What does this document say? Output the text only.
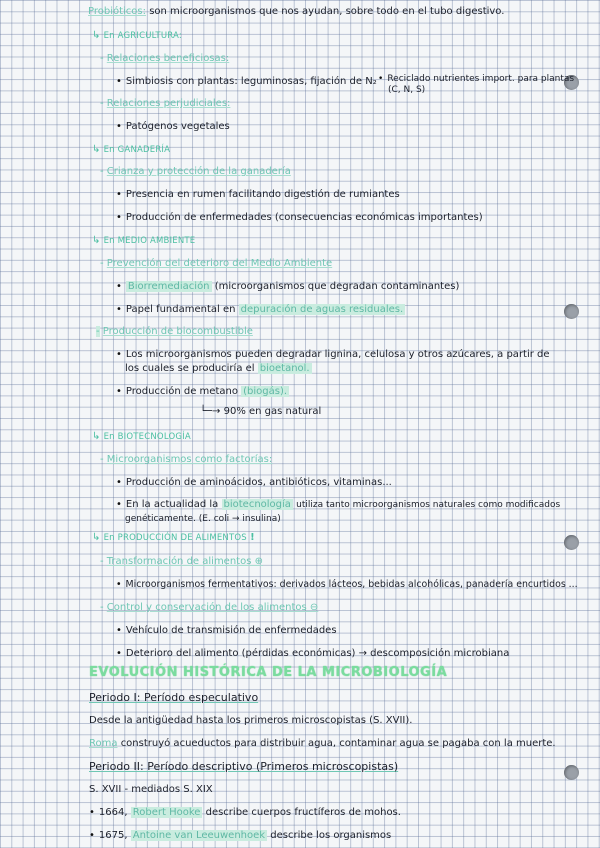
Probióticos: son microorganismos que nos ayudan, sobre todo en el tubo digestivo.
↳ En AGRICULTURA:
- Relaciones beneficiosas:
• Simbiosis con plantas: leguminosas, fijación de N₂ • Reciclado nutrientes import. para plantas
(C, N, S)
- Relaciones perjudiciales:
• Patógenos vegetales
↳ En GANADERÍA
- Crianza y protección de la ganadería
• Presencia en rumen facilitando digestión de rumiantes
• Producción de enfermedades (consecuencias económicas importantes)
↳ En MEDIO AMBIENTE
- Prevención del deterioro del Medio Ambiente
• Biorremediación (microorganismos que degradan contaminantes)
• Papel fundamental en depuración de aguas residuales.
- Producción de biocombustible
• Los microorganismos pueden degradar lignina, celulosa y otros azúcares, a partir de
los cuales se produciría el bioetanol.
• Producción de metano (biogás).
└─→ 90% en gas natural
↳ En BIOTECNOLOGÍA
- Microorganismos como factorías:
• Producción de aminoácidos, antibióticos, vitaminas...
• En la actualidad la biotecnología utiliza tanto microorganismos naturales como modificados
genéticamente. (E. coli → insulina)
↳ En PRODUCCIÓN DE ALIMENTOS !
- Transformación de alimentos ⊕
• Microorganismos fermentativos: derivados lácteos, bebidas alcohólicas, panadería encurtidos ...
- Control y conservación de los alimentos ⊖
• Vehículo de transmisión de enfermedades
• Deterioro del alimento (pérdidas económicas) → descomposición microbiana
EVOLUCIÓN HISTÓRICA DE LA MICROBIOLOGÍA
Periodo I: Período especulativo
Desde la antigüedad hasta los primeros microscopistas (S. XVII).
Roma construyó acueductos para distribuir agua, contaminar agua se pagaba con la muerte.
Periodo II: Período descriptivo (Primeros microscopistas)
S. XVII - mediados S. XIX
• 1664, Robert Hooke describe cuerpos fructíferos de mohos.
• 1675, Antoine van Leeuwenhoek describe los organismos
